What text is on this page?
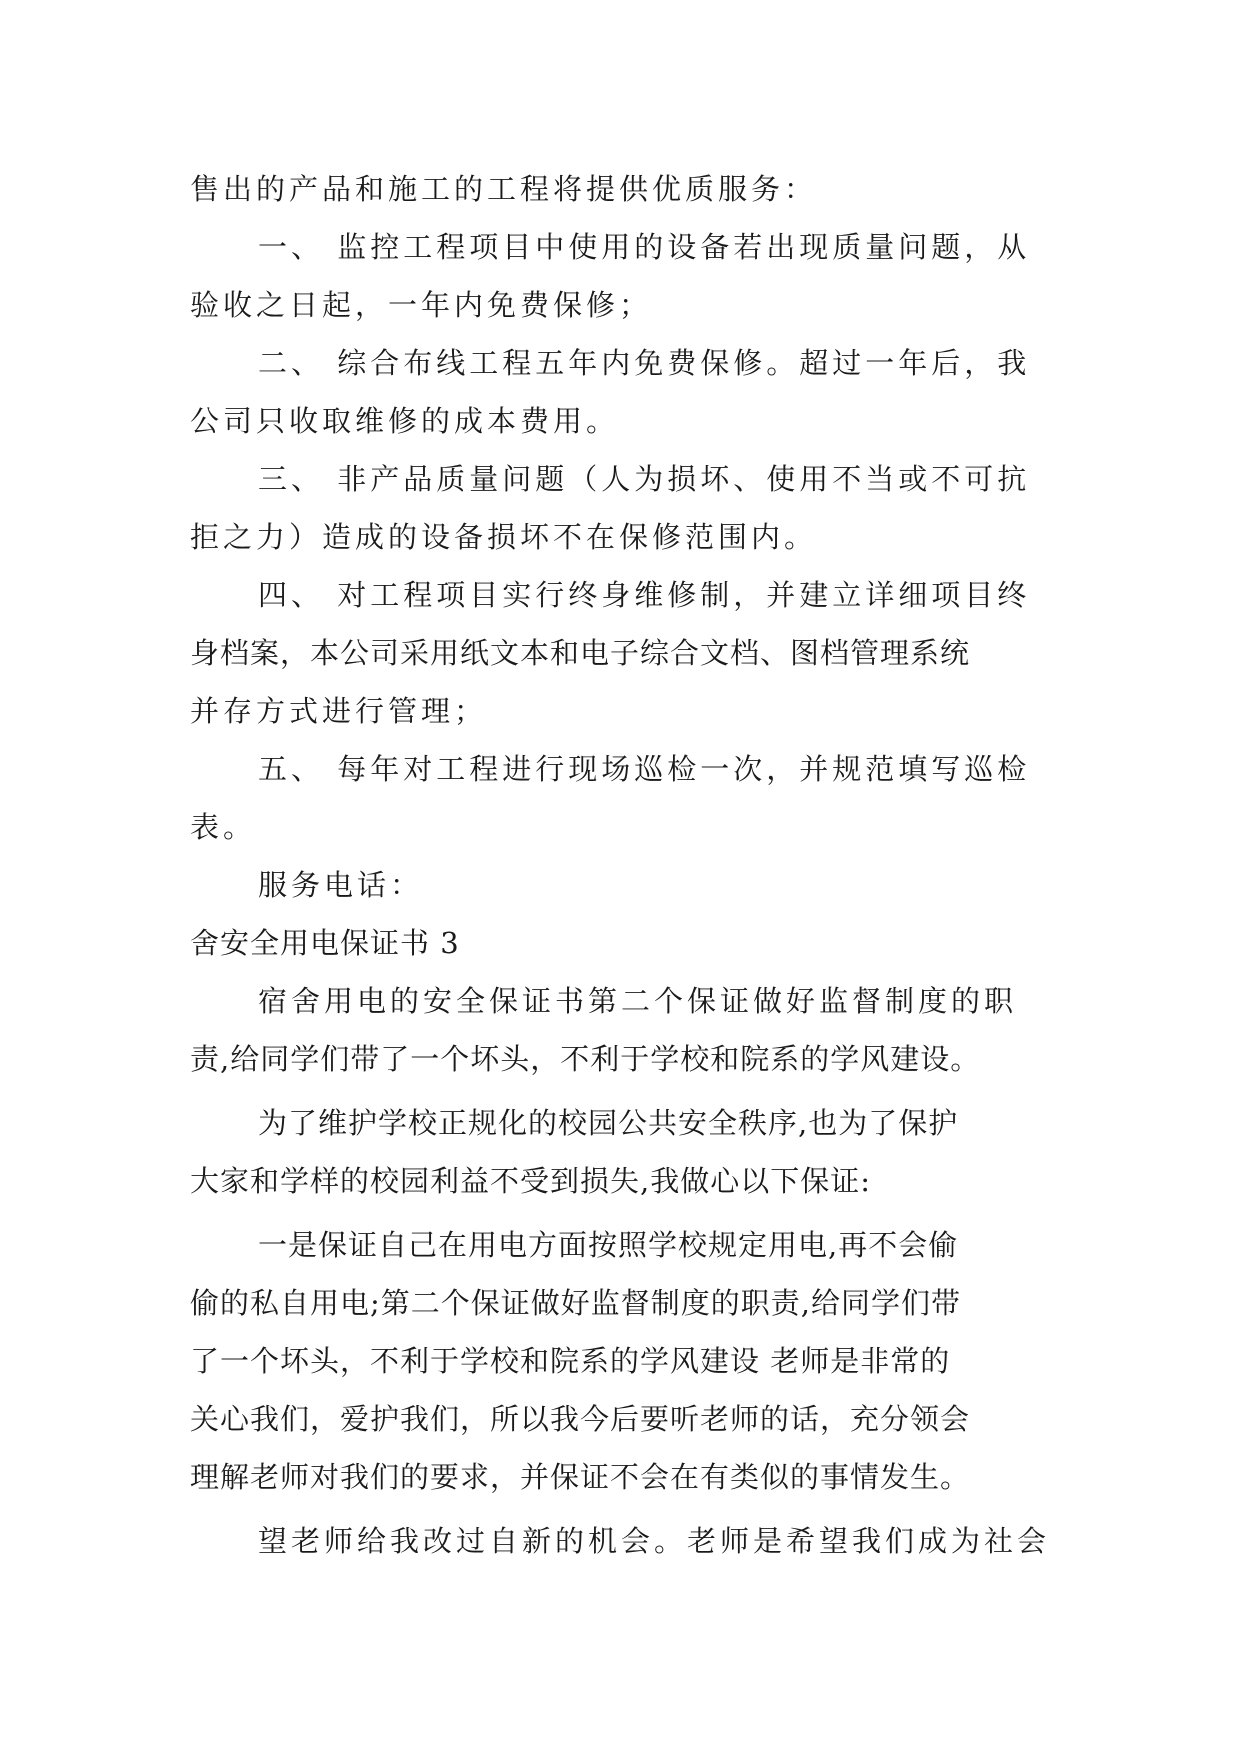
售出的产品和施工的工程将提供优质服务：
一、 监控工程项目中使用的设备若出现质量问题，从
验收之日起，一年内免费保修；
二、 综合布线工程五年内免费保修。超过一年后，我
公司只收取维修的成本费用。
三、 非产品质量问题（人为损坏、使用不当或不可抗
拒之力）造成的设备损坏不在保修范围内。
四、 对工程项目实行终身维修制，并建立详细项目终
身档案，本公司采用纸文本和电子综合文档、图档管理系统
并存方式进行管理；
五、 每年对工程进行现场巡检一次，并规范填写巡检
表。
服务电话：
舍安全用电保证书 3
宿舍用电的安全保证书第二个保证做好监督制度的职
责,给同学们带了一个坏头，不利于学校和院系的学风建设。
为了维护学校正规化的校园公共安全秩序,也为了保护
大家和学样的校园利益不受到损失,我做心以下保证:
一是保证自己在用电方面按照学校规定用电,再不会偷
偷的私自用电;第二个保证做好监督制度的职责,给同学们带
了一个坏头，不利于学校和院系的学风建设 老师是非常的
关心我们，爱护我们，所以我今后要听老师的话，充分领会
理解老师对我们的要求，并保证不会在有类似的事情发生。
望老师给我改过自新的机会。老师是希望我们成为社会
